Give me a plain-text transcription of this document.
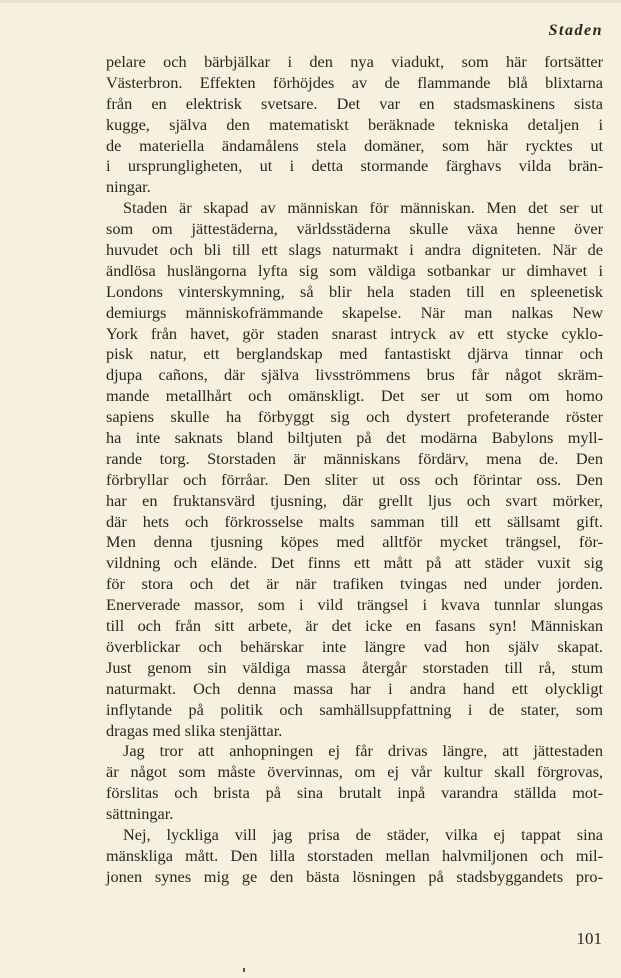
Staden
pelare och bärbjälkar i den nya viadukt, som här fortsätter
Västerbron. Effekten förhöjdes av de flammande blå blixtarna
från en elektrisk svetsare. Det var en stadsmaskinens sista
kugge, själva den matematiskt beräknade tekniska detaljen i
de materiella ändamålens stela domäner, som här rycktes ut
i ursprungligheten, ut i detta stormande färghavs vilda brän-
ningar.
Staden är skapad av människan för människan. Men det ser ut
som om jättestäderna, världsstäderna skulle växa henne över
huvudet och bli till ett slags naturmakt i andra digniteten. När de
ändlösa huslängorna lyfta sig som väldiga sotbankar ur dimhavet i
Londons vinterskymning, så blir hela staden till en spleenetisk
demiurgs människofrämmande skapelse. När man nalkas New
York från havet, gör staden snarast intryck av ett stycke cyklo-
pisk natur, ett berglandskap med fantastiskt djärva tinnar och
djupa cañons, där själva livsströmmens brus får något skräm-
mande metallhårt och omänskligt. Det ser ut som om homo
sapiens skulle ha förbyggt sig och dystert profeterande röster
ha inte saknats bland biltjuten på det modärna Babylons myll-
rande torg. Storstaden är människans fördärv, mena de. Den
förbryllar och förråar. Den sliter ut oss och förintar oss. Den
har en fruktansvärd tjusning, där grellt ljus och svart mörker,
där hets och förkrosselse malts samman till ett sällsamt gift.
Men denna tjusning köpes med alltför mycket trängsel, för-
vildning och elände. Det finns ett mått på att städer vuxit sig
för stora och det är när trafiken tvingas ned under jorden.
Enerverade massor, som i vild trängsel i kvava tunnlar slungas
till och från sitt arbete, är det icke en fasans syn! Människan
överblickar och behärskar inte längre vad hon själv skapat.
Just genom sin väldiga massa återgår storstaden till rå, stum
naturmakt. Och denna massa har i andra hand ett olyckligt
inflytande på politik och samhällsuppfattning i de stater, som
dragas med slika stenjättar.
Jag tror att anhopningen ej får drivas längre, att jättestaden
är något som måste övervinnas, om ej vår kultur skall förgrovas,
förslitas och brista på sina brutalt inpå varandra ställda mot-
sättningar.
Nej, lyckliga vill jag prisa de städer, vilka ej tappat sina
mänskliga mått. Den lilla storstaden mellan halvmiljonen och mil-
jonen synes mig ge den bästa lösningen på stadsbyggandets pro-
101
